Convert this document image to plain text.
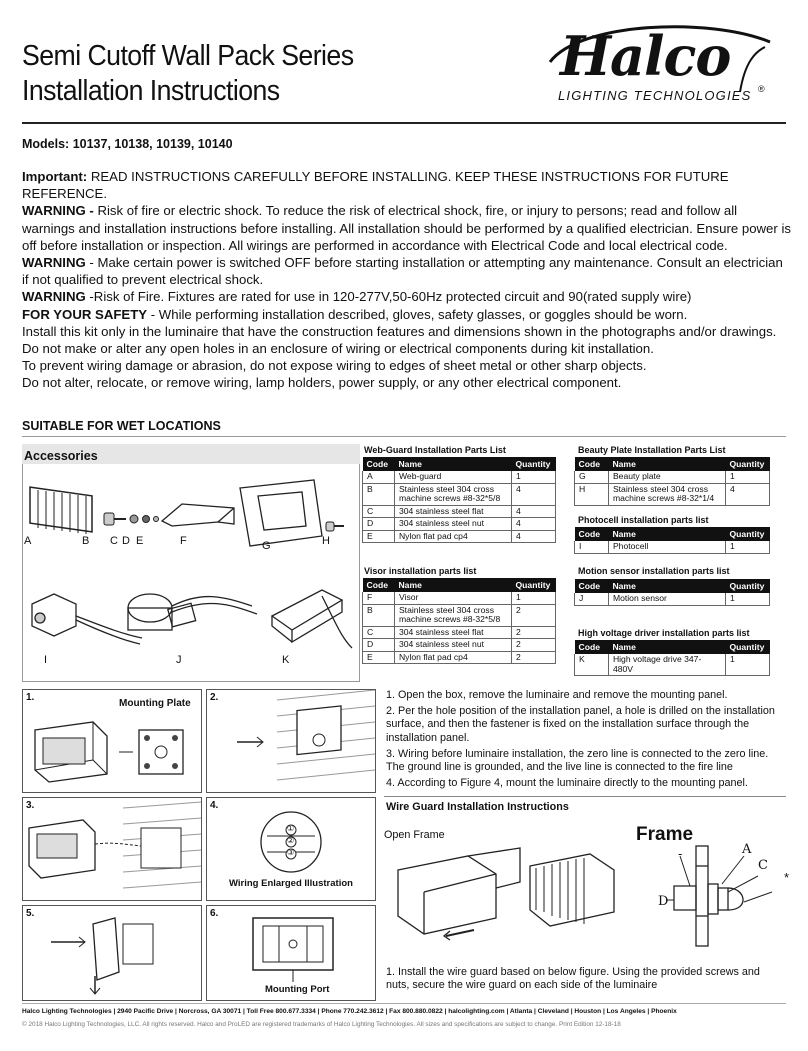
Semi Cutoff Wall Pack Series
Installation Instructions
Halco
LIGHTING TECHNOLOGIES ®
Models: 10137, 10138, 10139, 10140

Important: READ INSTRUCTIONS CAREFULLY BEFORE INSTALLING. KEEP THESE INSTRUCTIONS FOR FUTURE REFERENCE.

WARNING - Risk of fire or electric shock. To reduce the risk of electrical shock, fire, or injury to persons; read and follow all warnings and installation instructions before installing. All installation should be performed by a qualified electrician. Ensure power is off before installation or inspection. All wirings are performed in accordance with Electrical Code and local electrical code.

WARNING - Make certain power is switched OFF before starting installation or attempting any maintenance. Consult an electrician if not qualified to prevent electrical shock.

WARNING -Risk of Fire. Fixtures are rated for use in 120-277V,50-60Hz protected circuit and 90(rated supply wire)

FOR YOUR SAFETY - While performing installation described, gloves, safety glasses, or goggles should be worn.

Install this kit only in the luminaire that have the construction features and dimensions shown in the photographs and/or drawings.

Do not make or alter any open holes in an enclosure of wiring or electrical components during kit installation.

To prevent wiring damage or abrasion, do not expose wiring to edges of sheet metal or other sharp objects.

Do not alter, relocate, or remove wiring, lamp holders, power supply, or any other electrical component.

SUITABLE FOR WET LOCATIONS
Accessories
A	B C D E	F	G	H
I	J	K
Web-Guard Installation Parts List
Code	Name	Quantity
A	Web-guard	1
B	Stainless steel 304 cross machine screws #8-32*5/8	4
C	304 stainless steel flat	4
D	304 stainless steel nut	4
E	Nylon flat pad cp4	4
Visor installation parts list
Code	Name	Quantity
F	Visor	1
B	Stainless steel 304 cross machine screws #8-32*5/8	2
C	304 stainless steel flat	2
D	304 stainless steel nut	2
E	Nylon flat pad cp4	2
Beauty Plate Installation Parts List
Code	Name	Quantity
G	Beauty plate	1
H	Stainless steel 304 cross machine screws #8-32*1/4	4
Photocell installation parts list
Code	Name	Quantity
I	Photocell	1
Motion sensor installation parts list
Code	Name	Quantity
J	Motion sensor	1
High voltage driver installation parts list
Code	Name	Quantity
K	High voltage drive 347-480V	1
1.
Mounting Plate
2.
3.
①
②
③
4.
Wiring Enlarged Illustration
5.	6.
Mounting Port

1. Open the box, remove the luminaire and remove the mounting panel.

2. Per the hole position of the installation panel, a hole is drilled on the installation surface, and then the fastener is fixed on the installation surface through the installation panel.

3. Wiring before luminaire installation, the zero line is connected to the zero line. The ground line is grounded, and the live line is connected to the fire line

4. According to Figure 4, mount the luminaire directly to the mounting panel.

Wire Guard Installation Instructions
Open Frame	Frame
A
C
*
D
-
1. Install the wire guard based on below figure. Using the provided screws and nuts, secure the wire guard on each side of the luminaire
Halco Lighting Technologies | 2940 Pacific Drive | Norcross, GA 30071 | Toll Free 800.677.3334 | Phone 770.242.3612 | Fax 800.880.0822 | halcolighting.com | Atlanta | Cleveland | Houston | Los Angeles | Phoenix
© 2018 Halco Lighting Technologies, LLC. All rights reserved. Halco and ProLED are registered trademarks of Halco Lighting Technologies. All sizes and specifications are subject to change. Print Edition 12-18-18
